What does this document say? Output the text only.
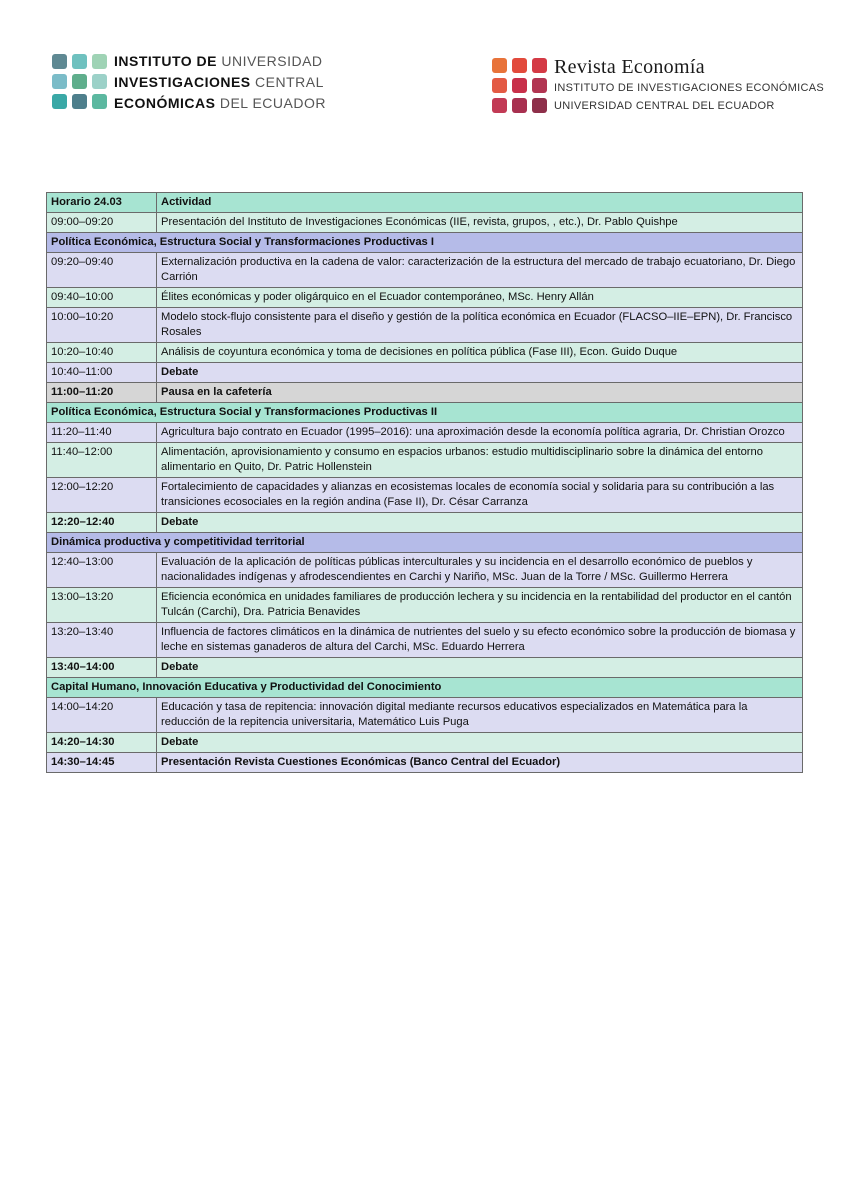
INSTITUTO DE UNIVERSIDAD
INVESTIGACIONES CENTRAL
ECONÓMICAS DEL ECUADOR
Revista Economía
INSTITUTO DE INVESTIGACIONES ECONÓMICAS
UNIVERSIDAD CENTRAL DEL ECUADOR
Horario 24.03	Actividad
09:00–09:20	Presentación del Instituto de Investigaciones Económicas (IIE, revista, grupos, , etc.), Dr. Pablo Quishpe
Política Económica, Estructura Social y Transformaciones Productivas I	
09:20–09:40	Externalización productiva en la cadena de valor: caracterización de la estructura del mercado de trabajo ecuatoriano, Dr. Diego Carrión
09:40–10:00	Élites económicas y poder oligárquico en el Ecuador contemporáneo, MSc. Henry Allán
10:00–10:20	Modelo stock-flujo consistente para el diseño y gestión de la política económica en Ecuador (FLACSO–IIE–EPN), Dr. Francisco Rosales
10:20–10:40	Análisis de coyuntura económica y toma de decisiones en política pública (Fase III), Econ. Guido Duque
10:40–11:00	Debate
11:00–11:20	Pausa en la cafetería
Política Económica, Estructura Social y Transformaciones Productivas II	
11:20–11:40	Agricultura bajo contrato en Ecuador (1995–2016): una aproximación desde la economía política agraria, Dr. Christian Orozco
11:40–12:00	Alimentación, aprovisionamiento y consumo en espacios urbanos: estudio multidisciplinario sobre la dinámica del entorno alimentario en Quito, Dr. Patric Hollenstein
12:00–12:20	Fortalecimiento de capacidades y alianzas en ecosistemas locales de economía social y solidaria para su contribución a las transiciones ecosociales en la región andina (Fase II), Dr. César Carranza
12:20–12:40	Debate
Dinámica productiva y competitividad territorial	
12:40–13:00	Evaluación de la aplicación de políticas públicas interculturales y su incidencia en el desarrollo económico de pueblos y nacionalidades indígenas y afrodescendientes en Carchi y Nariño, MSc. Juan de la Torre / MSc. Guillermo Herrera
13:00–13:20	Eficiencia económica en unidades familiares de producción lechera y su incidencia en la rentabilidad del productor en el cantón Tulcán (Carchi), Dra. Patricia Benavides
13:20–13:40	Influencia de factores climáticos en la dinámica de nutrientes del suelo y su efecto económico sobre la producción de biomasa y leche en sistemas ganaderos de altura del Carchi, MSc. Eduardo Herrera
13:40–14:00	Debate
Capital Humano, Innovación Educativa y Productividad del Conocimiento	
14:00–14:20	Educación y tasa de repitencia: innovación digital mediante recursos educativos especializados en Matemática para la reducción de la repitencia universitaria, Matemático Luis Puga
14:20–14:30	Debate
14:30–14:45	Presentación Revista Cuestiones Económicas (Banco Central del Ecuador)
